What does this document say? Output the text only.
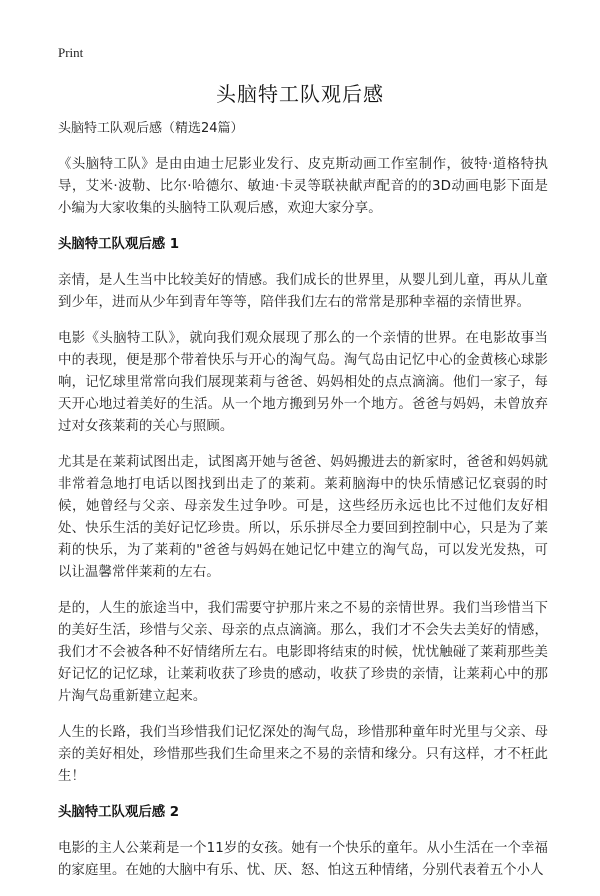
Print
头脑特工队观后感

头脑特工队观后感（精选24篇）

《头脑特工队》是由由迪士尼影业发行、皮克斯动画工作室制作，彼特·道格特执导，艾米·波勒、比尔·哈德尔、敏迪·卡灵等联袂献声配音的的3D动画电影下面是小编为大家收集的头脑特工队观后感，欢迎大家分享。

头脑特工队观后感 1

亲情，是人生当中比较美好的情感。我们成长的世界里，从婴儿到儿童，再从儿童到少年，进而从少年到青年等等，陪伴我们左右的常常是那种幸福的亲情世界。

电影《头脑特工队》，就向我们观众展现了那么的一个亲情的世界。在电影故事当中的表现，便是那个带着快乐与开心的淘气岛。淘气岛由记忆中心的金黄核心球影响，记忆球里常常向我们展现莱莉与爸爸、妈妈相处的点点滴滴。他们一家子，每天开心地过着美好的生活。从一个地方搬到另外一个地方。爸爸与妈妈，未曾放弃过对女孩莱莉的关心与照顾。

尤其是在莱莉试图出走，试图离开她与爸爸、妈妈搬进去的新家时，爸爸和妈妈就非常着急地打电话以图找到出走了的莱莉。莱莉脑海中的快乐情感记忆衰弱的时候，她曾经与父亲、母亲发生过争吵。可是，这些经历永远也比不过他们友好相处、快乐生活的美好记忆珍贵。所以，乐乐拼尽全力要回到控制中心，只是为了莱莉的快乐，为了莱莉的"爸爸与妈妈在她记忆中建立的淘气岛，可以发光发热，可以让温馨常伴莱莉的左右。

是的，人生的旅途当中，我们需要守护那片来之不易的亲情世界。我们当珍惜当下的美好生活，珍惜与父亲、母亲的点点滴滴。那么，我们才不会失去美好的情感，我们才不会被各种不好情绪所左右。电影即将结束的时候，忧忧触碰了莱莉那些美好记忆的记忆球，让莱莉收获了珍贵的感动，收获了珍贵的亲情，让莱莉心中的那片淘气岛重新建立起来。

人生的长路，我们当珍惜我们记忆深处的淘气岛，珍惜那种童年时光里与父亲、母亲的美好相处，珍惜那些我们生命里来之不易的亲情和缘分。只有这样，才不枉此生！

头脑特工队观后感 2

电影的主人公莱莉是一个11岁的女孩。她有一个快乐的童年。从小生活在一个幸福的家庭里。在她的大脑中有乐、忧、厌、怒、怕这五种情绪，分别代表着五个小人
